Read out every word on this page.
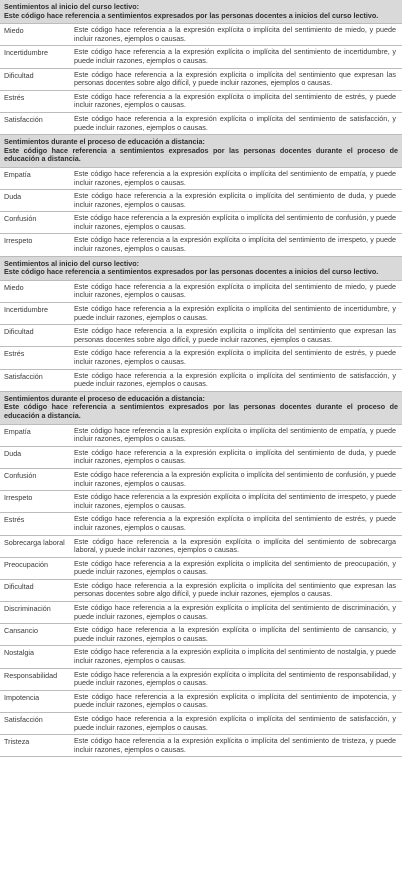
Sentimientos al inicio del curso lectivo:
Este código hace referencia a sentimientos expresados por las personas docentes a inicios del curso lectivo.	

Miedo	Este código hace referencia a la expresión explícita o implícita del sentimiento de miedo, y puede incluir razones, ejemplos o causas.
Incertidumbre	Este código hace referencia a la expresión explícita o implícita del sentimiento de incertidumbre, y puede incluir razones, ejemplos o causas.
Dificultad	Este código hace referencia a la expresión explícita o implícita del sentimiento que expresan las personas docentes sobre algo difícil, y puede incluir razones, ejemplos o causas.
Estrés	Este código hace referencia a la expresión explícita o implícita del sentimiento de estrés, y puede incluir razones, ejemplos o causas.
Satisfacción	Este código hace referencia a la expresión explícita o implícita del sentimiento de satisfacción, y puede incluir razones, ejemplos o causas.

Sentimientos durante el proceso de educación a distancia:
Este código hace referencia a sentimientos expresados por las personas docentes durante el proceso de educación a distancia.	

Empatía	Este código hace referencia a la expresión explícita o implícita del sentimiento de empatía, y puede incluir razones, ejemplos o causas.
Duda	Este código hace referencia a la expresión explícita o implícita del sentimiento de duda, y puede incluir razones, ejemplos o causas.
Confusión	Este código hace referencia a la expresión explícita o implícita del sentimiento de confusión, y puede incluir razones, ejemplos o causas.
Irrespeto	Este código hace referencia a la expresión explícita o implícita del sentimiento de irrespeto, y puede incluir razones, ejemplos o causas.

Sentimientos al inicio del curso lectivo:
Este código hace referencia a sentimientos expresados por las personas docentes a inicios del curso lectivo.	

Miedo	Este código hace referencia a la expresión explícita o implícita del sentimiento de miedo, y puede incluir razones, ejemplos o causas.
Incertidumbre	Este código hace referencia a la expresión explícita o implícita del sentimiento de incertidumbre, y puede incluir razones, ejemplos o causas.
Dificultad	Este código hace referencia a la expresión explícita o implícita del sentimiento que expresan las personas docentes sobre algo difícil, y puede incluir razones, ejemplos o causas.
Estrés	Este código hace referencia a la expresión explícita o implícita del sentimiento de estrés, y puede incluir razones, ejemplos o causas.
Satisfacción	Este código hace referencia a la expresión explícita o implícita del sentimiento de satisfacción, y puede incluir razones, ejemplos o causas.

Sentimientos durante el proceso de educación a distancia:
Este código hace referencia a sentimientos expresados por las personas docentes durante el proceso de educación a distancia.	

Empatía	Este código hace referencia a la expresión explícita o implícita del sentimiento de empatía, y puede incluir razones, ejemplos o causas.
Duda	Este código hace referencia a la expresión explícita o implícita del sentimiento de duda, y puede incluir razones, ejemplos o causas.
Confusión	Este código hace referencia a la expresión explícita o implícita del sentimiento de confusión, y puede incluir razones, ejemplos o causas.
Irrespeto	Este código hace referencia a la expresión explícita o implícita del sentimiento de irrespeto, y puede incluir razones, ejemplos o causas.
Estrés	Este código hace referencia a la expresión explícita o implícita del sentimiento de estrés, y puede incluir razones, ejemplos o causas.
Sobrecarga laboral	Este código hace referencia a la expresión explícita o implícita del sentimiento de sobrecarga laboral, y puede incluir razones, ejemplos o causas.
Preocupación	Este código hace referencia a la expresión explícita o implícita del sentimiento de preocupación, y puede incluir razones, ejemplos o causas.
Dificultad	Este código hace referencia a la expresión explícita o implícita del sentimiento que expresan las personas docentes sobre algo difícil, y puede incluir razones, ejemplos o causas.
Discriminación	Este código hace referencia a la expresión explícita o implícita del sentimiento de discriminación, y puede incluir razones, ejemplos o causas.
Cansancio	Este código hace referencia a la expresión explícita o implícita del sentimiento de cansancio, y puede incluir razones, ejemplos o causas.
Nostalgia	Este código hace referencia a la expresión explícita o implícita del sentimiento de nostalgia, y puede incluir razones, ejemplos o causas.
Responsabilidad	Este código hace referencia a la expresión explícita o implícita del sentimiento de responsabilidad, y puede incluir razones, ejemplos o causas.
Impotencia	Este código hace referencia a la expresión explícita o implícita del sentimiento de impotencia, y puede incluir razones, ejemplos o causas.
Satisfacción	Este código hace referencia a la expresión explícita o implícita del sentimiento de satisfacción, y puede incluir razones, ejemplos o causas.
Tristeza	Este código hace referencia a la expresión explícita o implícita del sentimiento de tristeza, y puede incluir razones, ejemplos o causas.
